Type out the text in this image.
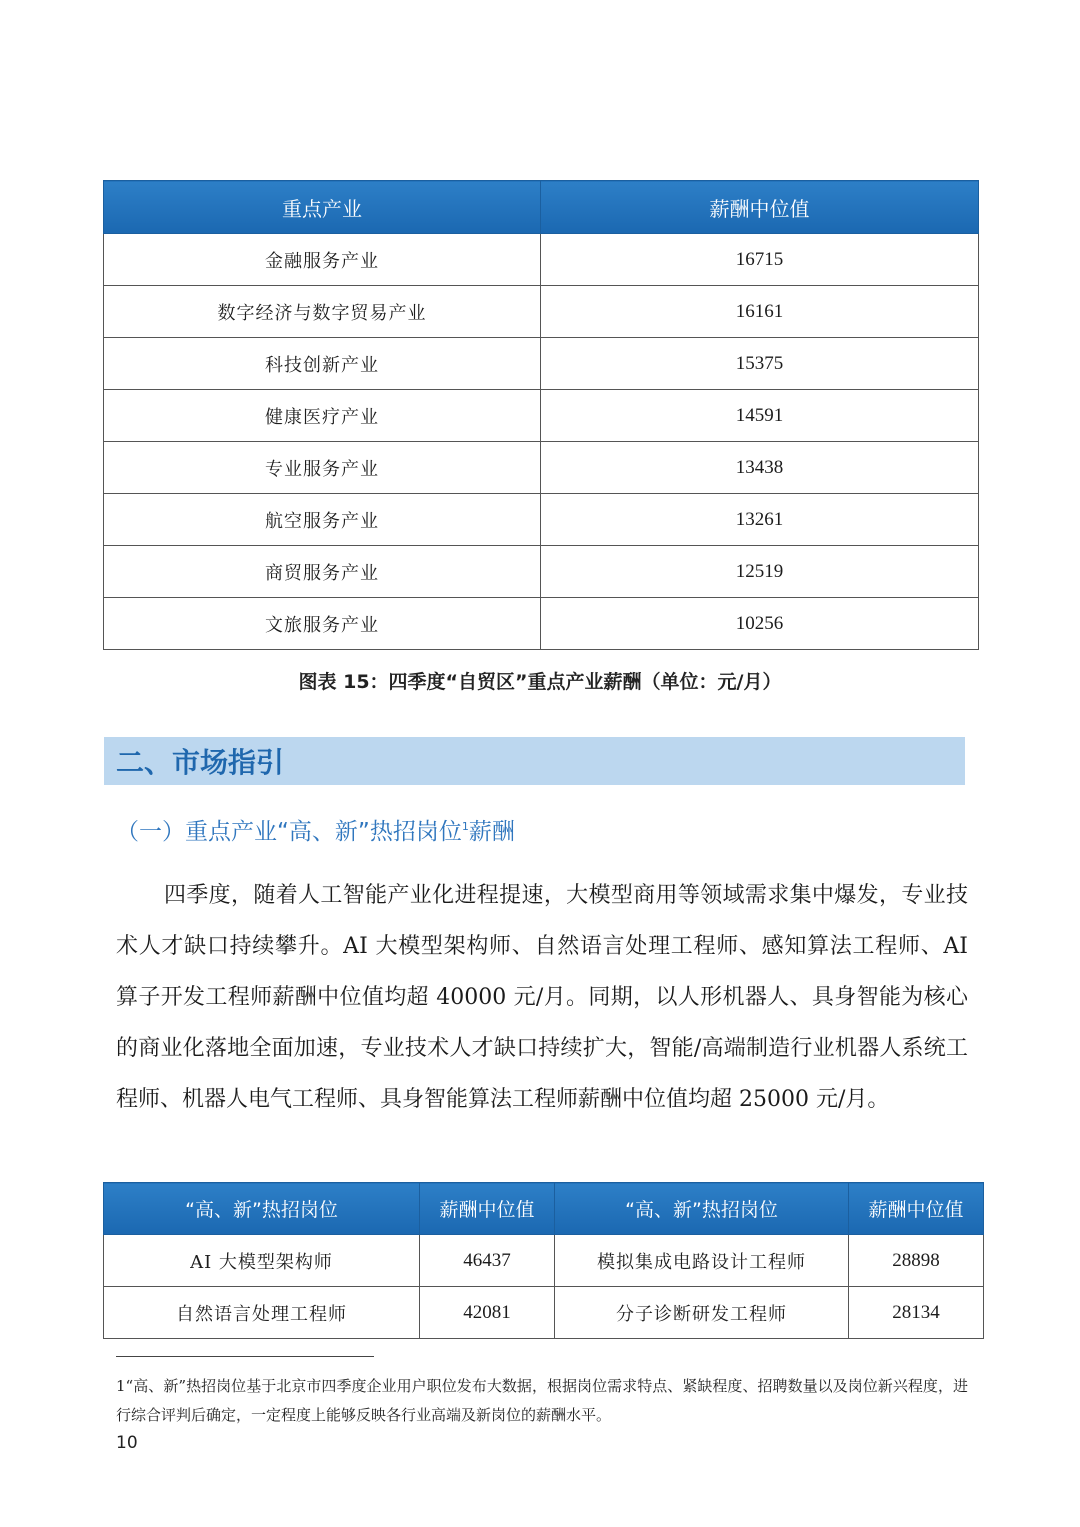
重点产业	薪酬中位值
金融服务产业	16715
数字经济与数字贸易产业	16161
科技创新产业	15375
健康医疗产业	14591
专业服务产业	13438
航空服务产业	13261
商贸服务产业	12519
文旅服务产业	10256
图表 15：四季度“自贸区”重点产业薪酬（单位：元/月）
二、市场指引
（一）重点产业“高、新”热招岗位$^1$薪酬

四季度，随着人工智能产业化进程提速，大模型商用等领域需求集中爆发，专业技术人才缺口持续攀升。AI 大模型架构师、自然语言处理工程师、感知算法工程师、AI 算子开发工程师薪酬中位值均超 40000 元/月。同期，以人形机器人、具身智能为核心的商业化落地全面加速，专业技术人才缺口持续扩大，智能/高端制造行业机器人系统工程师、机器人电气工程师、具身智能算法工程师薪酬中位值均超 25000 元/月。

“高、新”热招岗位	薪酬中位值	“高、新”热招岗位	薪酬中位值
AI 大模型架构师	46437	模拟集成电路设计工程师	28898
自然语言处理工程师	42081	分子诊断研发工程师	28134

1“高、新”热招岗位基于北京市四季度企业用户职位发布大数据，根据岗位需求特点、紧缺程度、招聘数量以及岗位新兴程度，进行综合评判后确定，一定程度上能够反映各行业高端及新岗位的薪酬水平。

10
